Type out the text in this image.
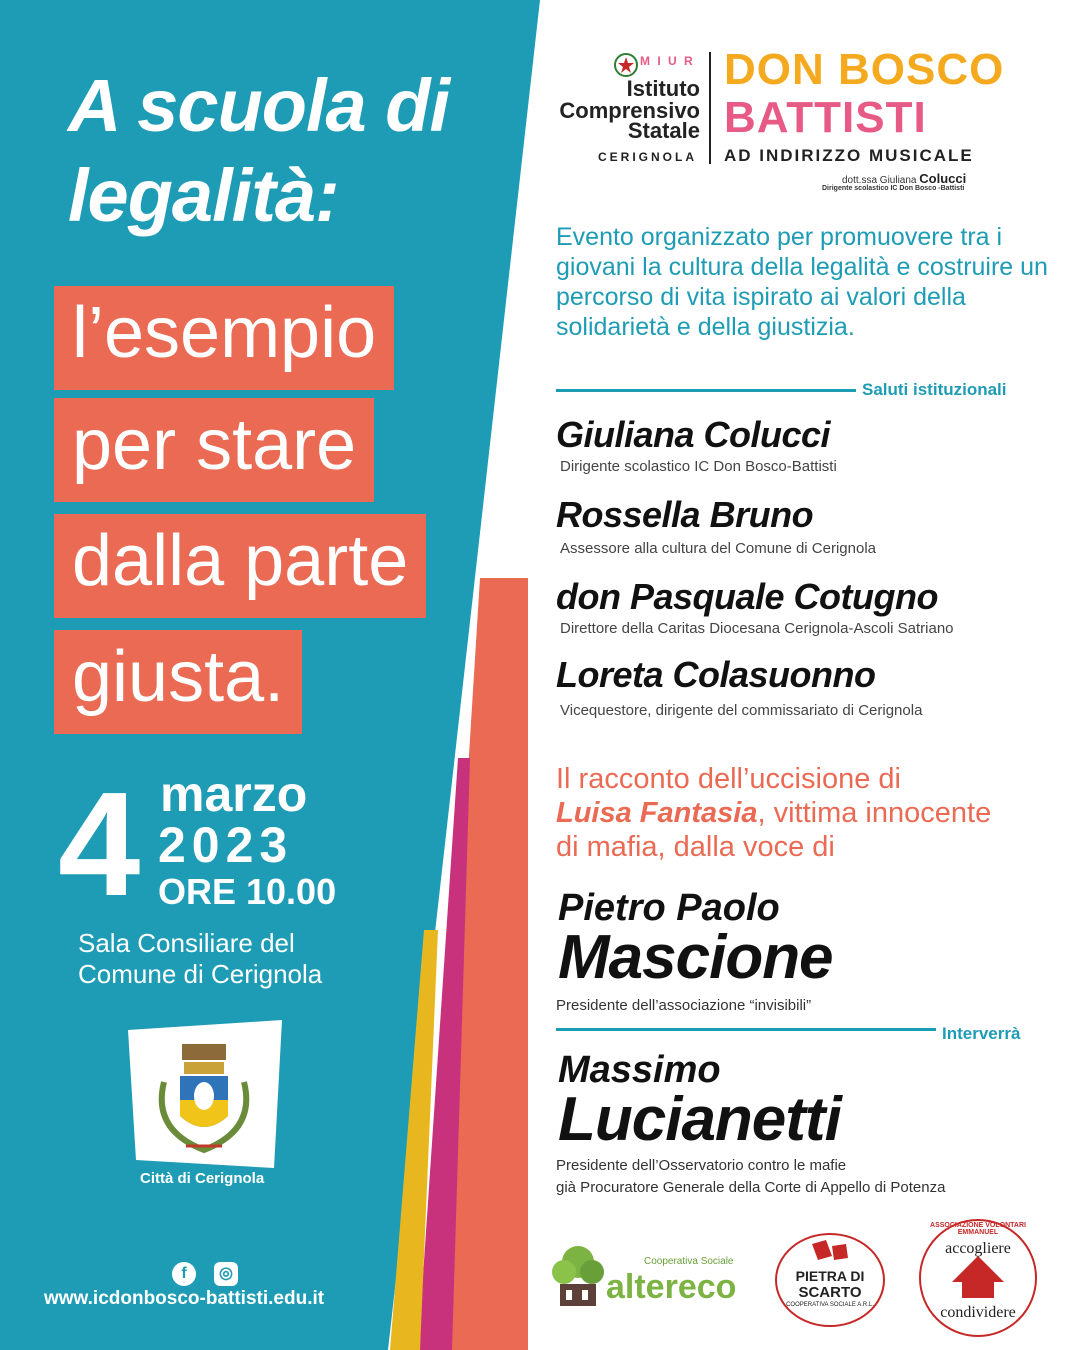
A scuola di
legalità:
l’esempio
per stare
dalla parte
giusta.
4 marzo
2023
ORE 10.00
Sala Consiliare del
Comune di Cerignola
Città di Cerignola
f	◎
www.icdonbosco-battisti.edu.it
M I U R
Istituto
Comprensivo
Statale
CERIGNOLA
DON BOSCO
BATTISTI
AD INDIRIZZO MUSICALE
dott.ssa Giuliana Colucci
Dirigente scolastico IC Don Bosco -Battisti
Evento organizzato per promuovere tra i giovani la cultura della legalità e costruire un percorso di vita ispirato ai valori della solidarietà e della giustizia.
Saluti istituzionali
Giuliana Colucci
Dirigente scolastico IC Don Bosco-Battisti
Rossella Bruno
Assessore alla cultura del Comune di Cerignola
don Pasquale Cotugno
Direttore della Caritas Diocesana Cerignola-Ascoli Satriano
Loreta Colasuonno
Vicequestore, dirigente del commissariato di Cerignola
Il racconto dell’uccisione di
Luisa Fantasia, vittima innocente
di mafia, dalla voce di
Pietro Paolo
Mascione
Presidente dell’associazione “invisibili”
Interverrà
Massimo
Lucianetti
Presidente dell’Osservatorio contro le mafie
già Procuratore Generale della Corte di Appello di Potenza
Cooperativa Sociale
altereco	PIETRA DI
SCARTO
COOPERATIVA SOCIALE A.R.L.
ASSOCIAZIONE VOLONTARI EMMANUEL
accogliere
condividere
